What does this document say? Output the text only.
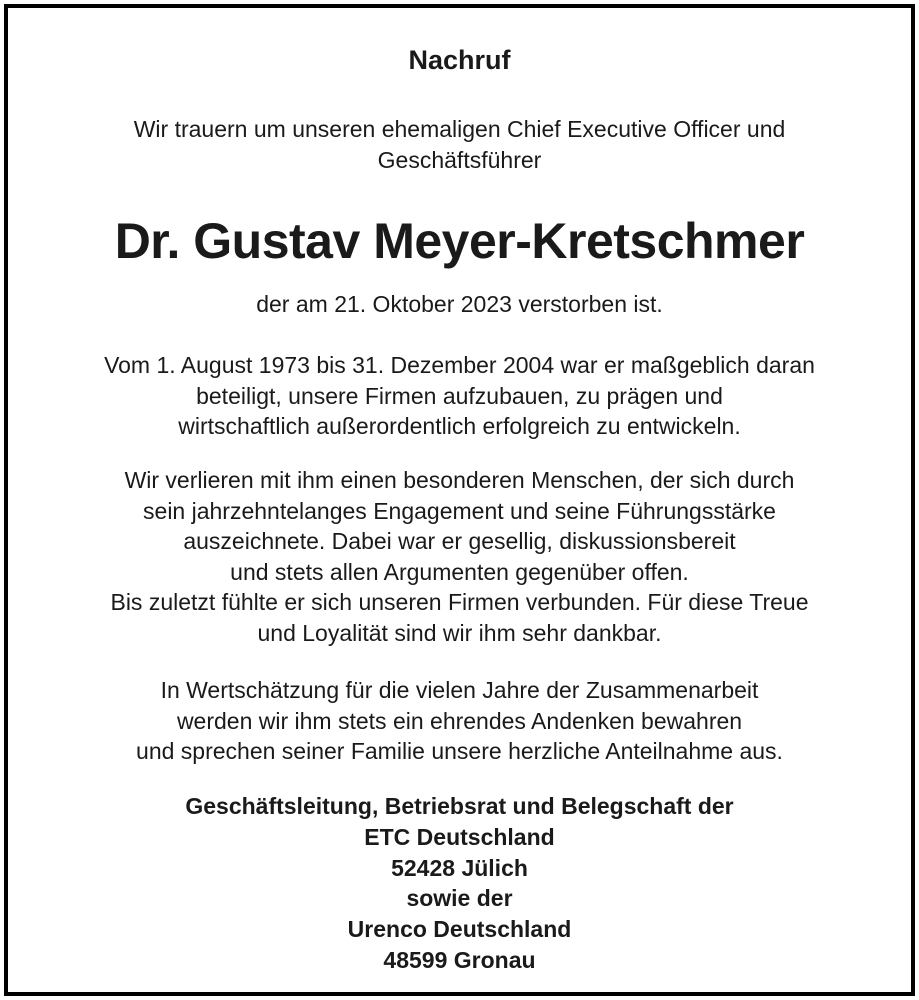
Nachruf
Wir trauern um unseren ehemaligen Chief Executive Officer und
Geschäftsführer
Dr. Gustav Meyer-Kretschmer
der am 21. Oktober 2023 verstorben ist.
Vom 1. August 1973 bis 31. Dezember 2004 war er maßgeblich daran
beteiligt, unsere Firmen aufzubauen, zu prägen und
wirtschaftlich außerordentlich erfolgreich zu entwickeln.
Wir verlieren mit ihm einen besonderen Menschen, der sich durch
sein jahrzehntelanges Engagement und seine Führungsstärke
auszeichnete. Dabei war er gesellig, diskussionsbereit
und stets allen Argumenten gegenüber offen.
Bis zuletzt fühlte er sich unseren Firmen verbunden. Für diese Treue
und Loyalität sind wir ihm sehr dankbar.
In Wertschätzung für die vielen Jahre der Zusammenarbeit
werden wir ihm stets ein ehrendes Andenken bewahren
und sprechen seiner Familie unsere herzliche Anteilnahme aus.
Geschäftsleitung, Betriebsrat und Belegschaft der
ETC Deutschland
52428 Jülich
sowie der
Urenco Deutschland
48599 Gronau
